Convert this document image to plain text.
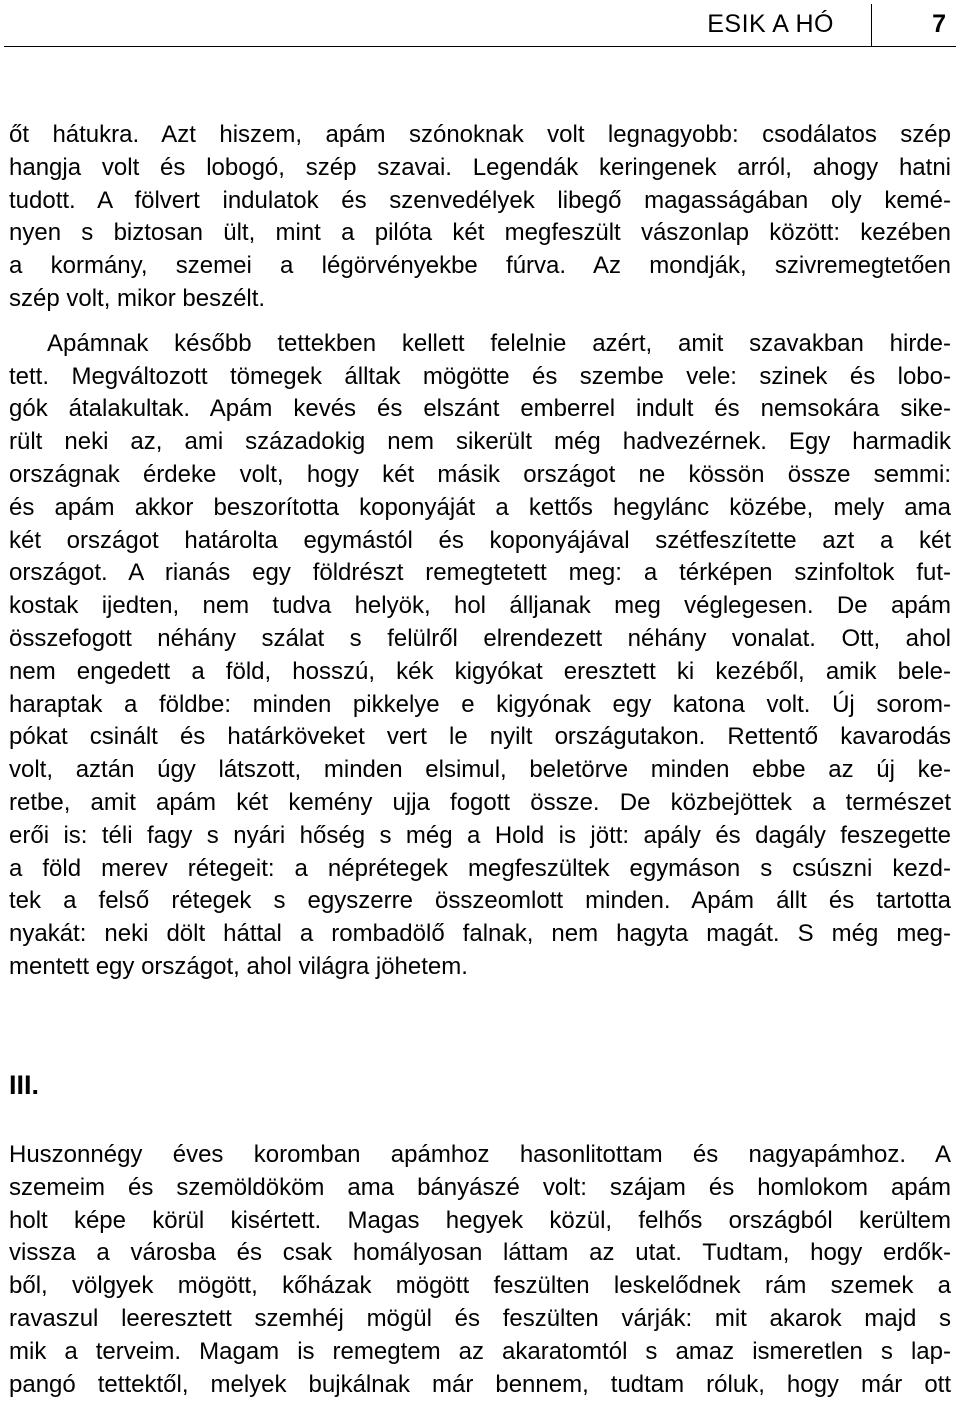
ESIK A HÓ	7
őt hátukra. Azt hiszem, apám szónoknak volt legnagyobb: csodálatos szép
hangja volt és lobogó, szép szavai. Legendák keringenek arról, ahogy hatni
tudott. A fölvert indulatok és szenvedélyek libegő magasságában oly kemé-
nyen s biztosan ült, mint a pilóta két megfeszült vászonlap között: kezében
a kormány, szemei a légörvényekbe fúrva. Az mondják, szivremegtetően
szép volt, mikor beszélt.
Apámnak később tettekben kellett felelnie azért, amit szavakban hirde-
tett. Megváltozott tömegek álltak mögötte és szembe vele: szinek és lobo-
gók átalakultak. Apám kevés és elszánt emberrel indult és nemsokára sike-
rült neki az, ami századokig nem sikerült még hadvezérnek. Egy harmadik
országnak érdeke volt, hogy két másik országot ne kössön össze semmi:
és apám akkor beszorította koponyáját a kettős hegylánc közébe, mely ama
két országot határolta egymástól és koponyájával szétfeszítette azt a két
országot. A rianás egy földrészt remegtetett meg: a térképen szinfoltok fut-
kostak ijedten, nem tudva helyök, hol álljanak meg véglegesen. De apám
összefogott néhány szálat s felülről elrendezett néhány vonalat. Ott, ahol
nem engedett a föld, hosszú, kék kigyókat eresztett ki kezéből, amik bele-
haraptak a földbe: minden pikkelye e kigyónak egy katona volt. Új sorom-
pókat csinált és határköveket vert le nyilt országutakon. Rettentő kavarodás
volt, aztán úgy látszott, minden elsimul, beletörve minden ebbe az új ke-
retbe, amit apám két kemény ujja fogott össze. De közbejöttek a természet
erői is: téli fagy s nyári hőség s még a Hold is jött: apály és dagály feszegette
a föld merev rétegeit: a néprétegek megfeszültek egymáson s csúszni kezd-
tek a felső rétegek s egyszerre összeomlott minden. Apám állt és tartotta
nyakát: neki dölt háttal a rombadölő falnak, nem hagyta magát. S még meg-
mentett egy országot, ahol világra jöhetem.
III.
Huszonnégy éves koromban apámhoz hasonlitottam és nagyapámhoz. A
szemeim és szemöldököm ama bányászé volt: szájam és homlokom apám
holt képe körül kisértett. Magas hegyek közül, felhős országból kerültem
vissza a városba és csak homályosan láttam az utat. Tudtam, hogy erdők-
ből, völgyek mögött, kőházak mögött feszülten leskelődnek rám szemek a
ravaszul leeresztett szemhéj mögül és feszülten várják: mit akarok majd s
mik a terveim. Magam is remegtem az akaratomtól s amaz ismeretlen s lap-
pangó tettektől, melyek bujkálnak már bennem, tudtam róluk, hogy már ott
